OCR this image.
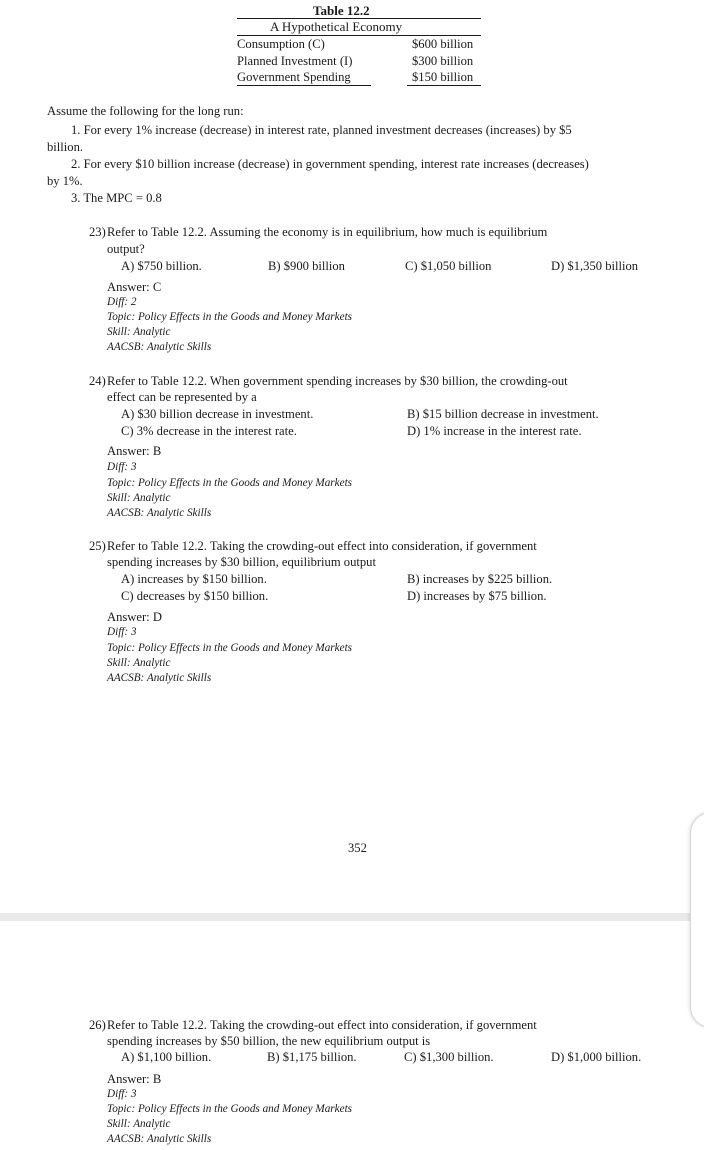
Table 12.2
A Hypothetical Economy
Consumption (C)	$600 billion
Planned Investment (I)	$300 billion
Government Spending	$150 billion
Assume the following for the long run:
1. For every 1% increase (decrease) in interest rate, planned investment decreases (increases) by $5
billion.
2. For every $10 billion increase (decrease) in government spending, interest rate increases (decreases)
by 1%.
3. The MPC = 0.8
23) Refer to Table 12.2. Assuming the economy is in equilibrium, how much is equilibrium
output?
A) $750 billion.	B) $900 billion	C) $1,050 billion	D) $1,350 billion
Answer: C
Diff: 2
Topic: Policy Effects in the Goods and Money Markets
Skill: Analytic
AACSB: Analytic Skills
24) Refer to Table 12.2. When government spending increases by $30 billion, the crowding-out
effect can be represented by a
A) $30 billion decrease in investment.	B) $15 billion decrease in investment.
C) 3% decrease in the interest rate.	D) 1% increase in the interest rate.
Answer: B
Diff: 3
Topic: Policy Effects in the Goods and Money Markets
Skill: Analytic
AACSB: Analytic Skills
25) Refer to Table 12.2. Taking the crowding-out effect into consideration, if government
spending increases by $30 billion, equilibrium output
A) increases by $150 billion.	B) increases by $225 billion.
C) decreases by $150 billion.	D) increases by $75 billion.
Answer: D
Diff: 3
Topic: Policy Effects in the Goods and Money Markets
Skill: Analytic
AACSB: Analytic Skills
352
26) Refer to Table 12.2. Taking the crowding-out effect into consideration, if government
spending increases by $50 billion, the new equilibrium output is
A) $1,100 billion.	B) $1,175 billion.	C) $1,300 billion.	D) $1,000 billion.
Answer: B
Diff: 3
Topic: Policy Effects in the Goods and Money Markets
Skill: Analytic
AACSB: Analytic Skills
